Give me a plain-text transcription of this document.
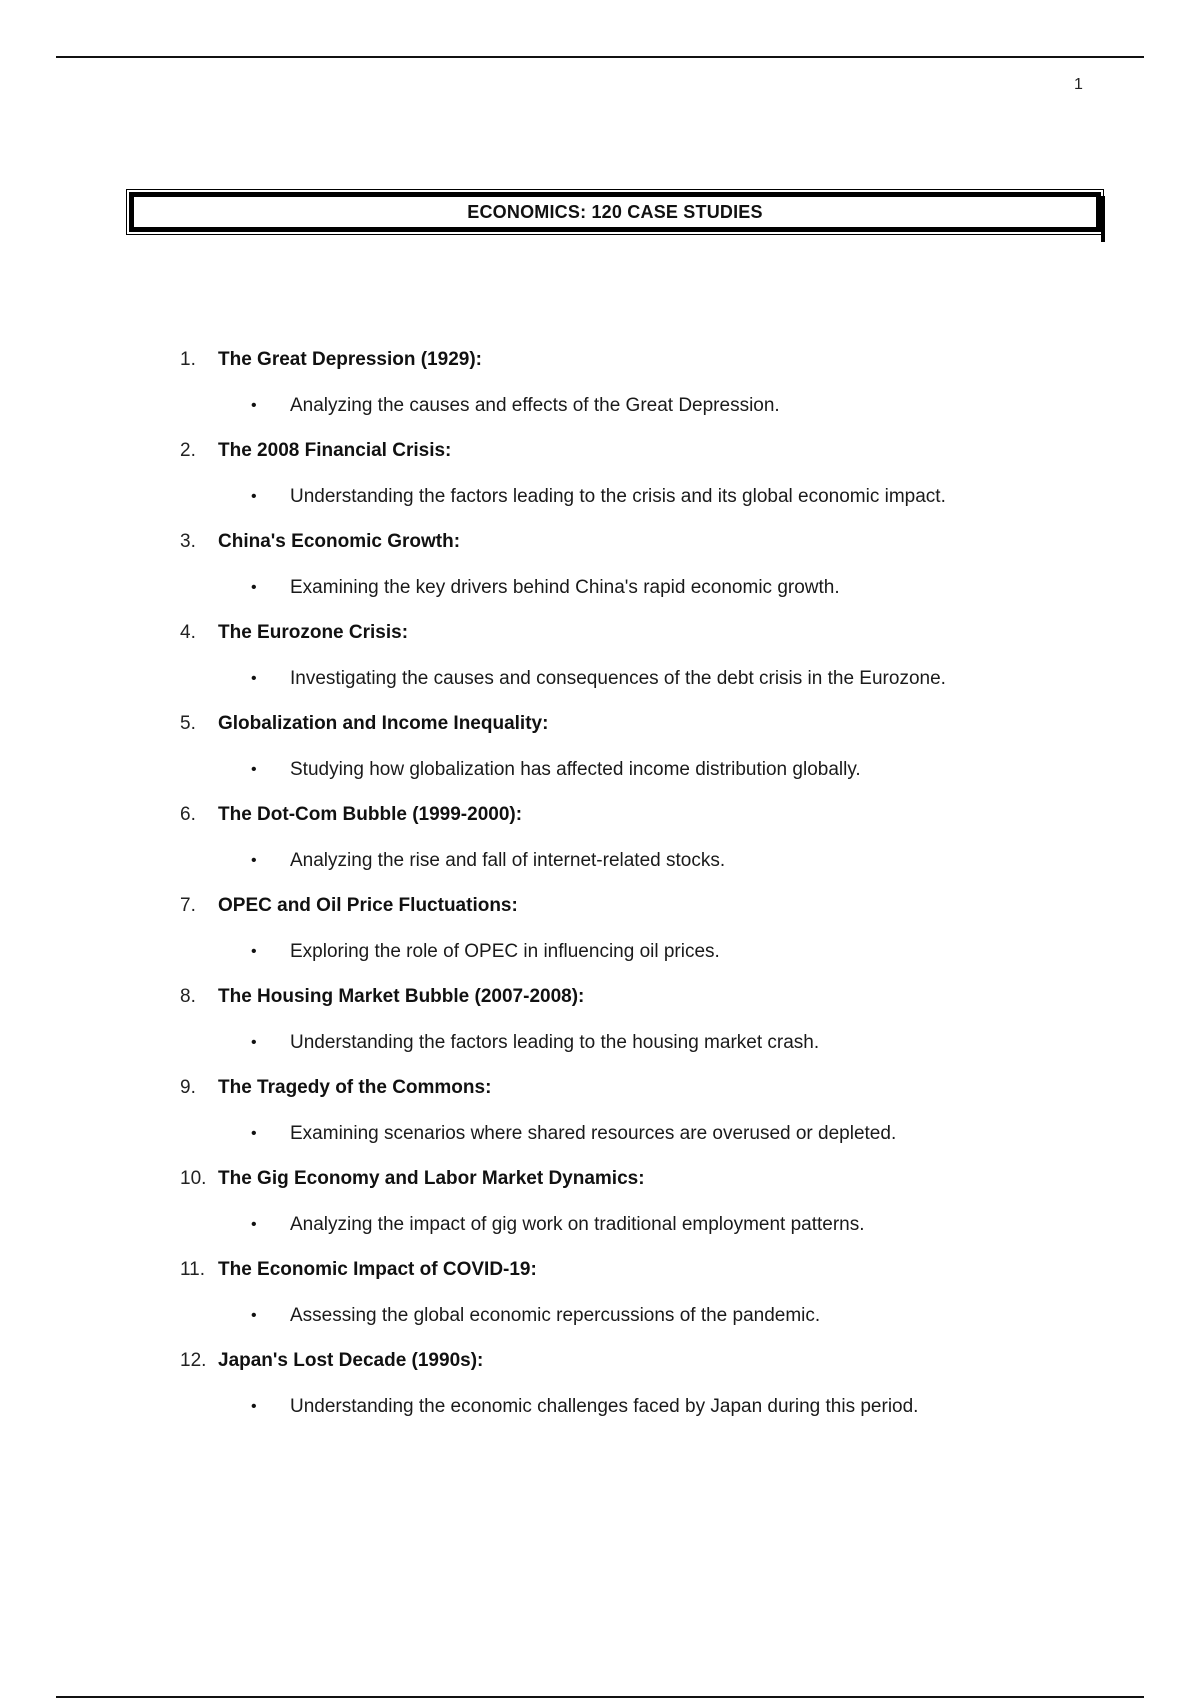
1
ECONOMICS: 120 CASE STUDIES
1. The Great Depression (1929):
• Analyzing the causes and effects of the Great Depression.
2. The 2008 Financial Crisis:
• Understanding the factors leading to the crisis and its global economic impact.
3. China's Economic Growth:
• Examining the key drivers behind China's rapid economic growth.
4. The Eurozone Crisis:
• Investigating the causes and consequences of the debt crisis in the Eurozone.
5. Globalization and Income Inequality:
• Studying how globalization has affected income distribution globally.
6. The Dot-Com Bubble (1999-2000):
• Analyzing the rise and fall of internet-related stocks.
7. OPEC and Oil Price Fluctuations:
• Exploring the role of OPEC in influencing oil prices.
8. The Housing Market Bubble (2007-2008):
• Understanding the factors leading to the housing market crash.
9. The Tragedy of the Commons:
• Examining scenarios where shared resources are overused or depleted.
10. The Gig Economy and Labor Market Dynamics:
• Analyzing the impact of gig work on traditional employment patterns.
11. The Economic Impact of COVID-19:
• Assessing the global economic repercussions of the pandemic.
12. Japan's Lost Decade (1990s):
• Understanding the economic challenges faced by Japan during this period.
